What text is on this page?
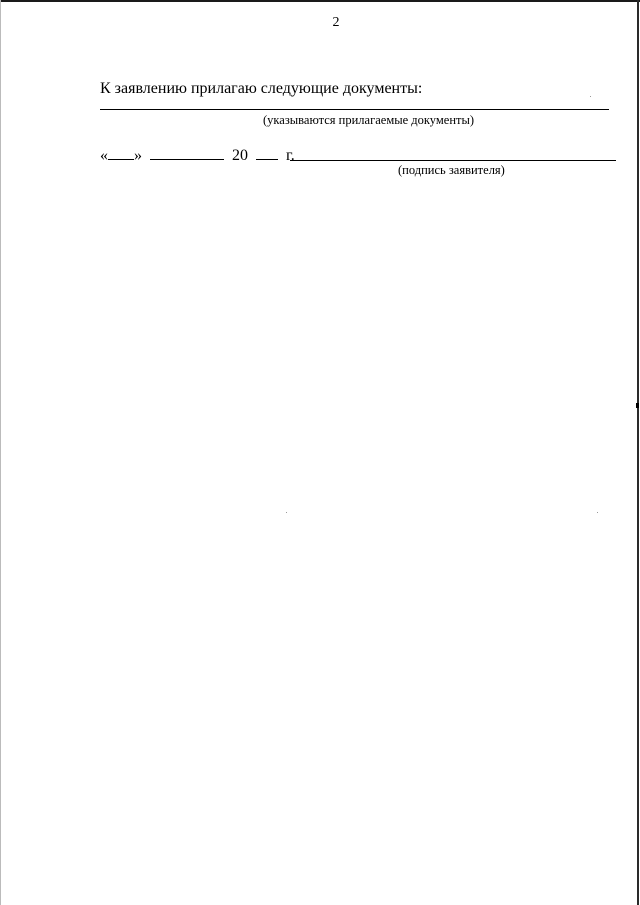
2
К заявлению прилагаю следующие документы:
(указываются прилагаемые документы)
« »	20 г.
(подпись заявителя)
